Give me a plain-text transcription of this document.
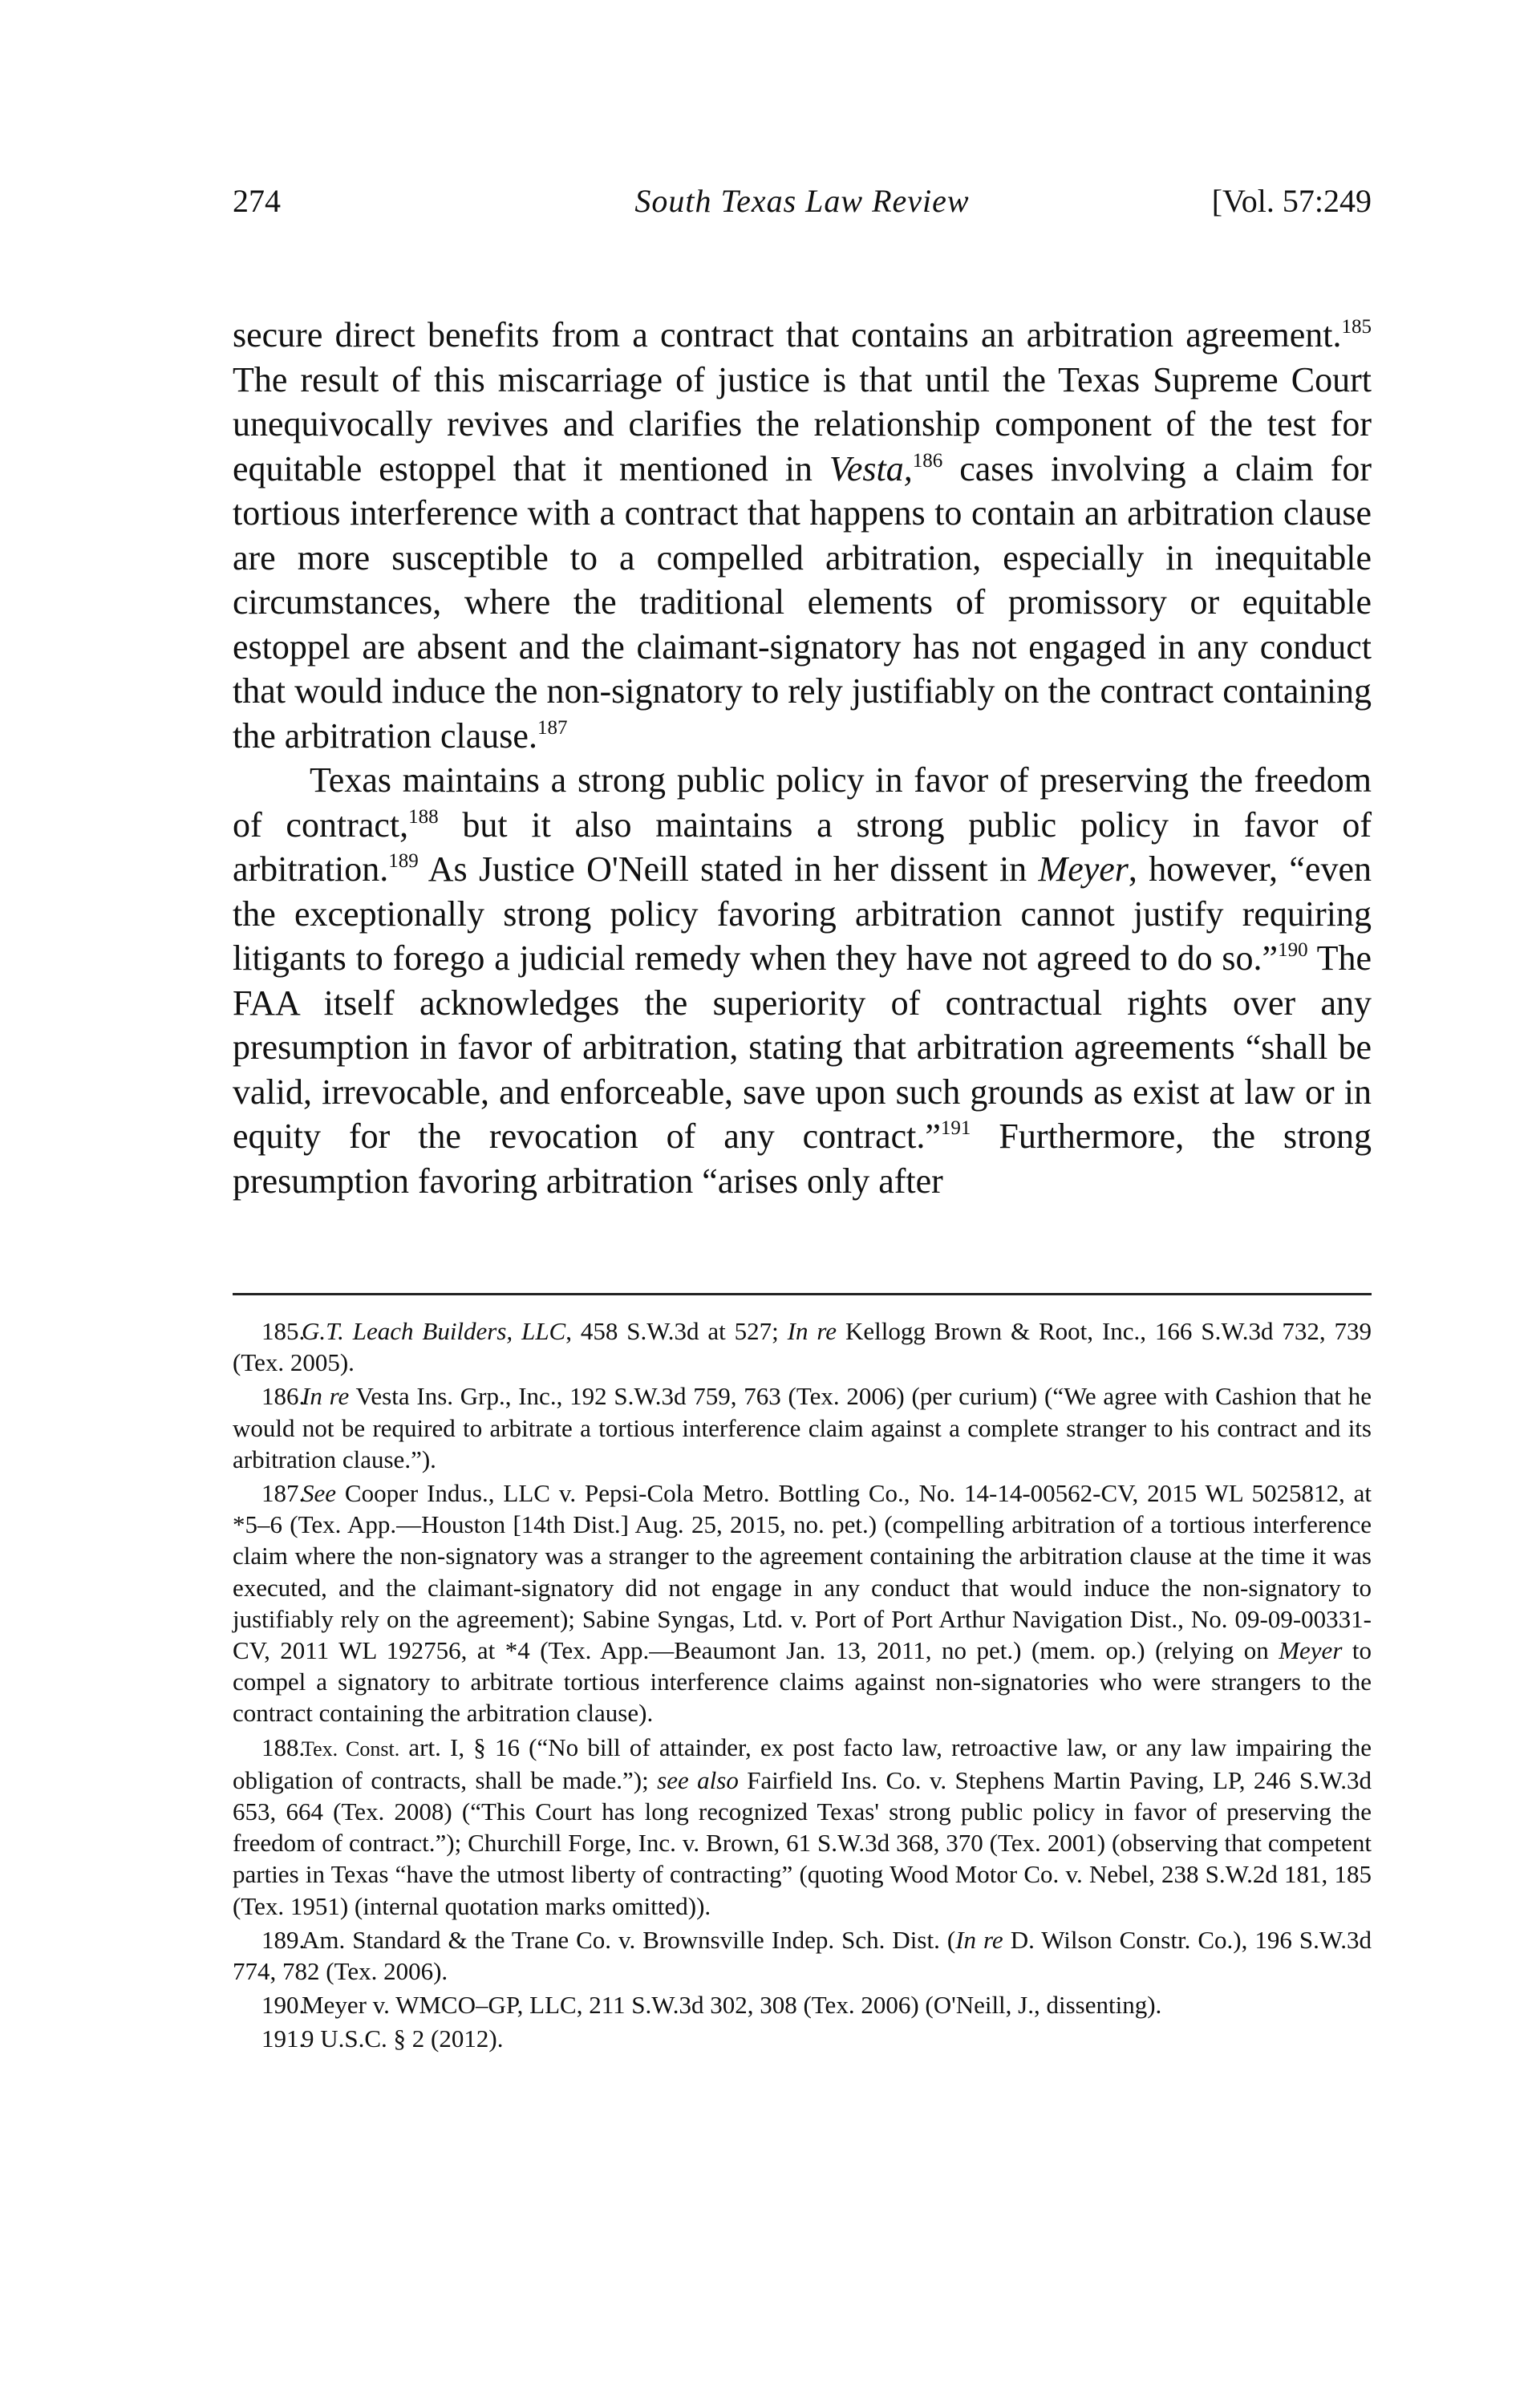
274	South Texas Law Review	[Vol. 57:249

secure direct benefits from a contract that contains an arbitration agreement.$^{185}$ The result of this miscarriage of justice is that until the Texas Supreme Court unequivocally revives and clarifies the relationship component of the test for equitable estoppel that it mentioned in Vesta,$^{186}$ cases involving a claim for tortious interference with a contract that happens to contain an arbitration clause are more susceptible to a compelled arbitration, especially in inequitable circumstances, where the traditional elements of promissory or equitable estoppel are absent and the claimant-signatory has not engaged in any conduct that would induce the non-signatory to rely justifiably on the contract containing the arbitration clause.$^{187}$

Texas maintains a strong public policy in favor of preserving the freedom of contract,$^{188}$ but it also maintains a strong public policy in favor of arbitration.$^{189}$ As Justice O'Neill stated in her dissent in Meyer, however, “even the exceptionally strong policy favoring arbitration cannot justify requiring litigants to forego a judicial remedy when they have not agreed to do so.”$^{190}$ The FAA itself acknowledges the superiority of contractual rights over any presumption in favor of arbitration, stating that arbitration agreements “shall be valid, irrevocable, and enforceable, save upon such grounds as exist at law or in equity for the revocation of any contract.”$^{191}$ Furthermore, the strong presumption favoring arbitration “arises only after

185.G.T. Leach Builders, LLC, 458 S.W.3d at 527; In re Kellogg Brown & Root, Inc., 166 S.W.3d 732, 739 (Tex. 2005).

186.In re Vesta Ins. Grp., Inc., 192 S.W.3d 759, 763 (Tex. 2006) (per curium) (“We agree with Cashion that he would not be required to arbitrate a tortious interference claim against a complete stranger to his contract and its arbitration clause.”).

187.See Cooper Indus., LLC v. Pepsi-Cola Metro. Bottling Co., No. 14-14-00562-CV, 2015 WL 5025812, at *5–6 (Tex. App.—Houston [14th Dist.] Aug. 25, 2015, no. pet.) (compelling arbitration of a tortious interference claim where the non-signatory was a stranger to the agreement containing the arbitration clause at the time it was executed, and the claimant-signatory did not engage in any conduct that would induce the non-signatory to justifiably rely on the agreement); Sabine Syngas, Ltd. v. Port of Port Arthur Navigation Dist., No. 09-09-00331-CV, 2011 WL 192756, at *4 (Tex. App.—Beaumont Jan. 13, 2011, no pet.) (mem. op.) (relying on Meyer to compel a signatory to arbitrate tortious interference claims against non-signatories who were strangers to the contract containing the arbitration clause).

188.Tex. Const. art. I, § 16 (“No bill of attainder, ex post facto law, retroactive law, or any law impairing the obligation of contracts, shall be made.”); see also Fairfield Ins. Co. v. Stephens Martin Paving, LP, 246 S.W.3d 653, 664 (Tex. 2008) (“This Court has long recognized Texas' strong public policy in favor of preserving the freedom of contract.”); Churchill Forge, Inc. v. Brown, 61 S.W.3d 368, 370 (Tex. 2001) (observing that competent parties in Texas “have the utmost liberty of contracting” (quoting Wood Motor Co. v. Nebel, 238 S.W.2d 181, 185 (Tex. 1951) (internal quotation marks omitted)).

189.Am. Standard & the Trane Co. v. Brownsville Indep. Sch. Dist. (In re D. Wilson Constr. Co.), 196 S.W.3d 774, 782 (Tex. 2006).

190.Meyer v. WMCO–GP, LLC, 211 S.W.3d 302, 308 (Tex. 2006) (O'Neill, J., dissenting).

191.9 U.S.C. § 2 (2012).
